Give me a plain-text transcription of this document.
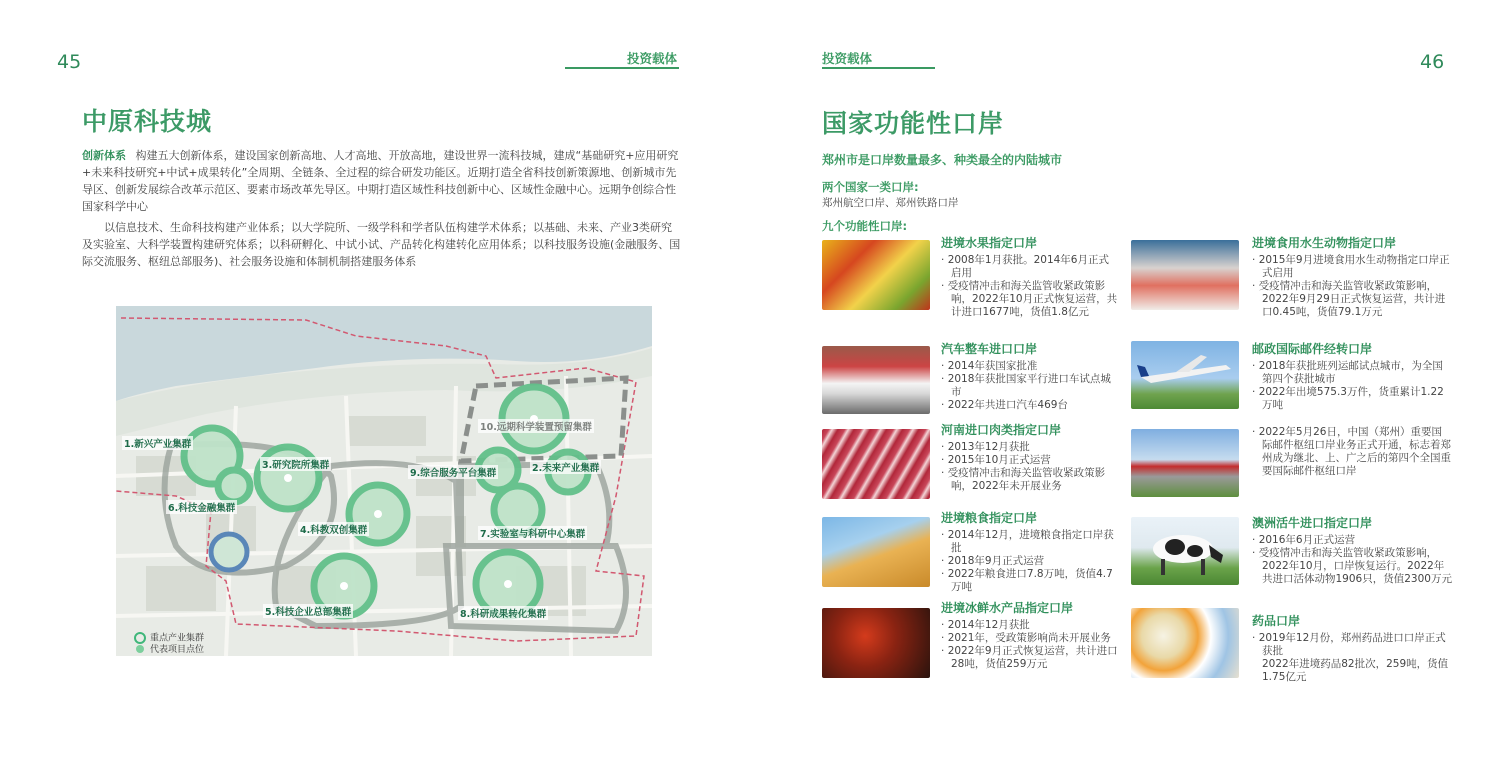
45	投资载体
中原科技城
创新体系 构建五大创新体系，建设国家创新高地、人才高地、开放高地，建设世界一流科技城，建成“基础研究+应用研究+未来科技研究+中试+成果转化”全周期、全链条、全过程的综合研发功能区。近期打造全省科技创新策源地、创新城市先导区、创新发展综合改革示范区、要素市场改革先导区。中期打造区域性科技创新中心、区域性金融中心。远期争创综合性国家科学中心
以信息技术、生命科技构建产业体系；以大学院所、一级学科和学者队伍构建学术体系；以基础、未来、产业3类研究及实验室、大科学装置构建研究体系；以科研孵化、中试小试、产品转化构建转化应用体系；以科技服务设施(金融服务、国际交流服务、枢纽总部服务)、社会服务设施和体制机制搭建服务体系
1.新兴产业集群
3.研究院所集群
6.科技金融集群
4.科教双创集群
5.科技企业总部集群
9.综合服务平台集群	2.未来产业集群
10.远期科学装置预留集群
7.实验室与科研中心集群
8.科研成果转化集群
重点产业集群
代表项目点位
投资载体	46
国家功能性口岸
郑州市是口岸数量最多、种类最全的内陆城市
两个国家一类口岸:
郑州航空口岸、郑州铁路口岸
九个功能性口岸:
进境水果指定口岸
· 2008年1月获批。2014年6月正式启用
· 受疫情冲击和海关监管收紧政策影响，2022年10月正式恢复运营，共计进口1677吨，货值1.8亿元
汽车整车进口口岸
· 2014年获国家批准
· 2018年获批国家平行进口车试点城市
· 2022年共进口汽车469台
河南进口肉类指定口岸
· 2013年12月获批
· 2015年10月正式运营
· 受疫情冲击和海关监管收紧政策影响，2022年未开展业务
进境粮食指定口岸
· 2014年12月，进境粮食指定口岸获批
· 2018年9月正式运营
· 2022年粮食进口7.8万吨，货值4.7万吨
进境冰鲜水产品指定口岸
· 2014年12月获批
· 2021年，受政策影响尚未开展业务
· 2022年9月正式恢复运营，共计进口28吨，货值259万元
进境食用水生动物指定口岸
· 2015年9月进境食用水生动物指定口岸正式启用
· 受疫情冲击和海关监管收紧政策影响，2022年9月29日正式恢复运营，共计进口0.45吨，货值79.1万元
邮政国际邮件经转口岸
· 2018年获批班列运邮试点城市，为全国第四个获批城市
· 2022年出境575.3万件，货重累计1.22万吨
· 2022年5月26日，中国（郑州）重要国际邮件枢纽口岸业务正式开通，标志着郑州成为继北、上、广之后的第四个全国重要国际邮件枢纽口岸
澳洲活牛进口指定口岸
· 2016年6月正式运营
· 受疫情冲击和海关监管收紧政策影响，2022年10月，口岸恢复运行。2022年共进口活体动物1906只，货值2300万元
药品口岸
· 2019年12月份，郑州药品进口口岸正式获批
2022年进境药品82批次，259吨，货值1.75亿元
